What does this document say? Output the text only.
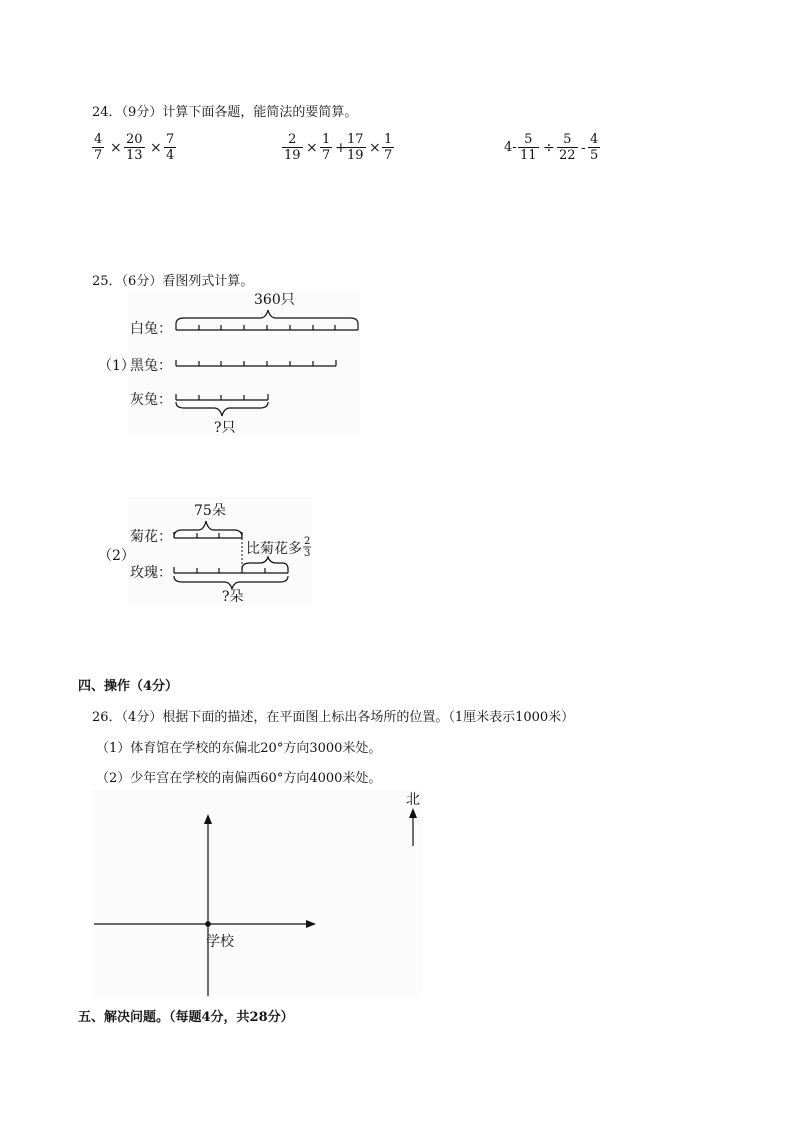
24．（9分）计算下面各题，能简法的要简算。
4
7 ×
20
13 ×
7
4
2
19 ×
1
7 +
17
19 ×
1
7
4-
5
11 ÷
5
22 -
4
5
25．（6分）看图列式计算。
360只
?只
白兔：
（1）
黑兔：
灰兔：
75朵
?朵
比菊花多 2
3
菊花：
（2）
玫瑰：
四、操作（4分）
26．（4分）根据下面的描述，在平面图上标出各场所的位置。（1厘米表示1000米）
（1）体育馆在学校的东偏北20°方向3000米处。
（2）少年宫在学校的南偏西60°方向4000米处。
学校
北
五、解决问题。（每题4分，共28分）
